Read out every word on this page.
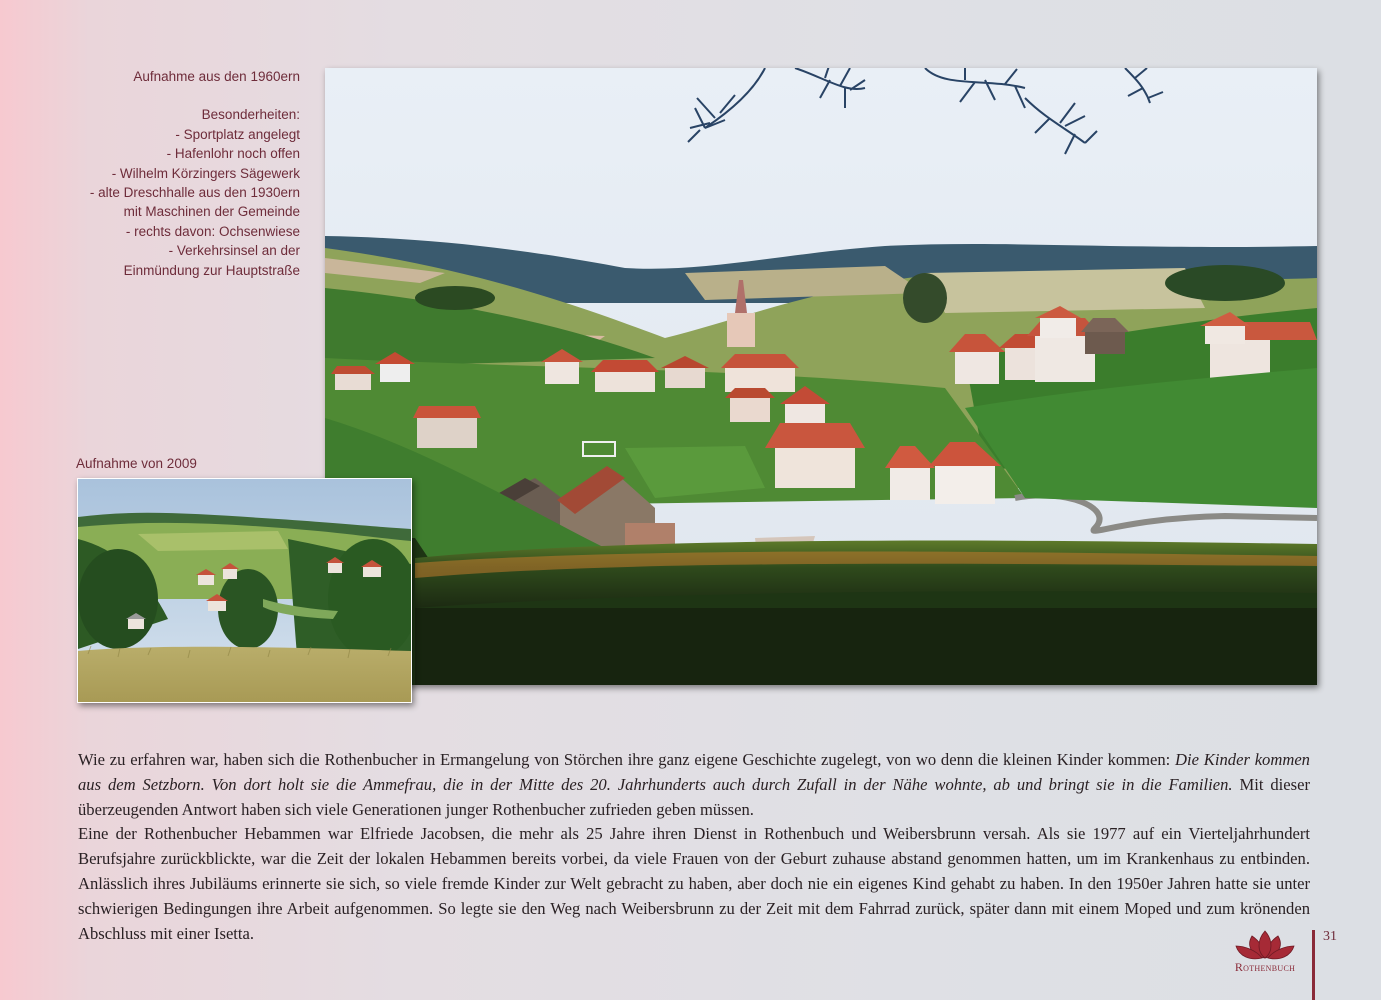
Aufnahme aus den 1960ern
Besonderheiten:
- Sportplatz angelegt
- Hafenlohr noch offen
- Wilhelm Körzingers Sägewerk
- alte Dreschhalle aus den 1930ern
mit Maschinen der Gemeinde
- rechts davon: Ochsenwiese
- Verkehrsinsel an der
Einmündung zur Hauptstraße
Aufnahme von 2009

Wie zu erfahren war, haben sich die Rothenbucher in Ermangelung von Störchen ihre ganz eigene Geschichte zugelegt, von wo denn die kleinen Kinder kommen: Die Kinder kommen aus dem Setzborn. Von dort holt sie die Ammefrau, die in der Mitte des 20. Jahrhunderts auch durch Zufall in der Nähe wohnte, ab und bringt sie in die Familien. Mit dieser überzeugenden Antwort haben sich viele Generationen junger Rothenbucher zufrieden geben müssen.

Eine der Rothenbucher Hebammen war Elfriede Jacobsen, die mehr als 25 Jahre ihren Dienst in Rothenbuch und Weibersbrunn versah. Als sie 1977 auf ein Vierteljahrhundert Berufsjahre zurückblickte, war die Zeit der lokalen Hebammen bereits vorbei, da viele Frauen von der Geburt zuhause abstand genommen hatten, um im Krankenhaus zu entbinden. Anlässlich ihres Jubiläums erinnerte sie sich, so viele fremde Kinder zur Welt gebracht zu haben, aber doch nie ein eigenes Kind gehabt zu haben. In den 1950er Jahren hatte sie unter schwierigen Bedingungen ihre Arbeit aufgenommen. So legte sie den Weg nach Weibersbrunn zu der Zeit mit dem Fahrrad zurück, später dann mit einem Moped und zum krönenden Abschluss mit einer Isetta.

Rothenbuch
31
